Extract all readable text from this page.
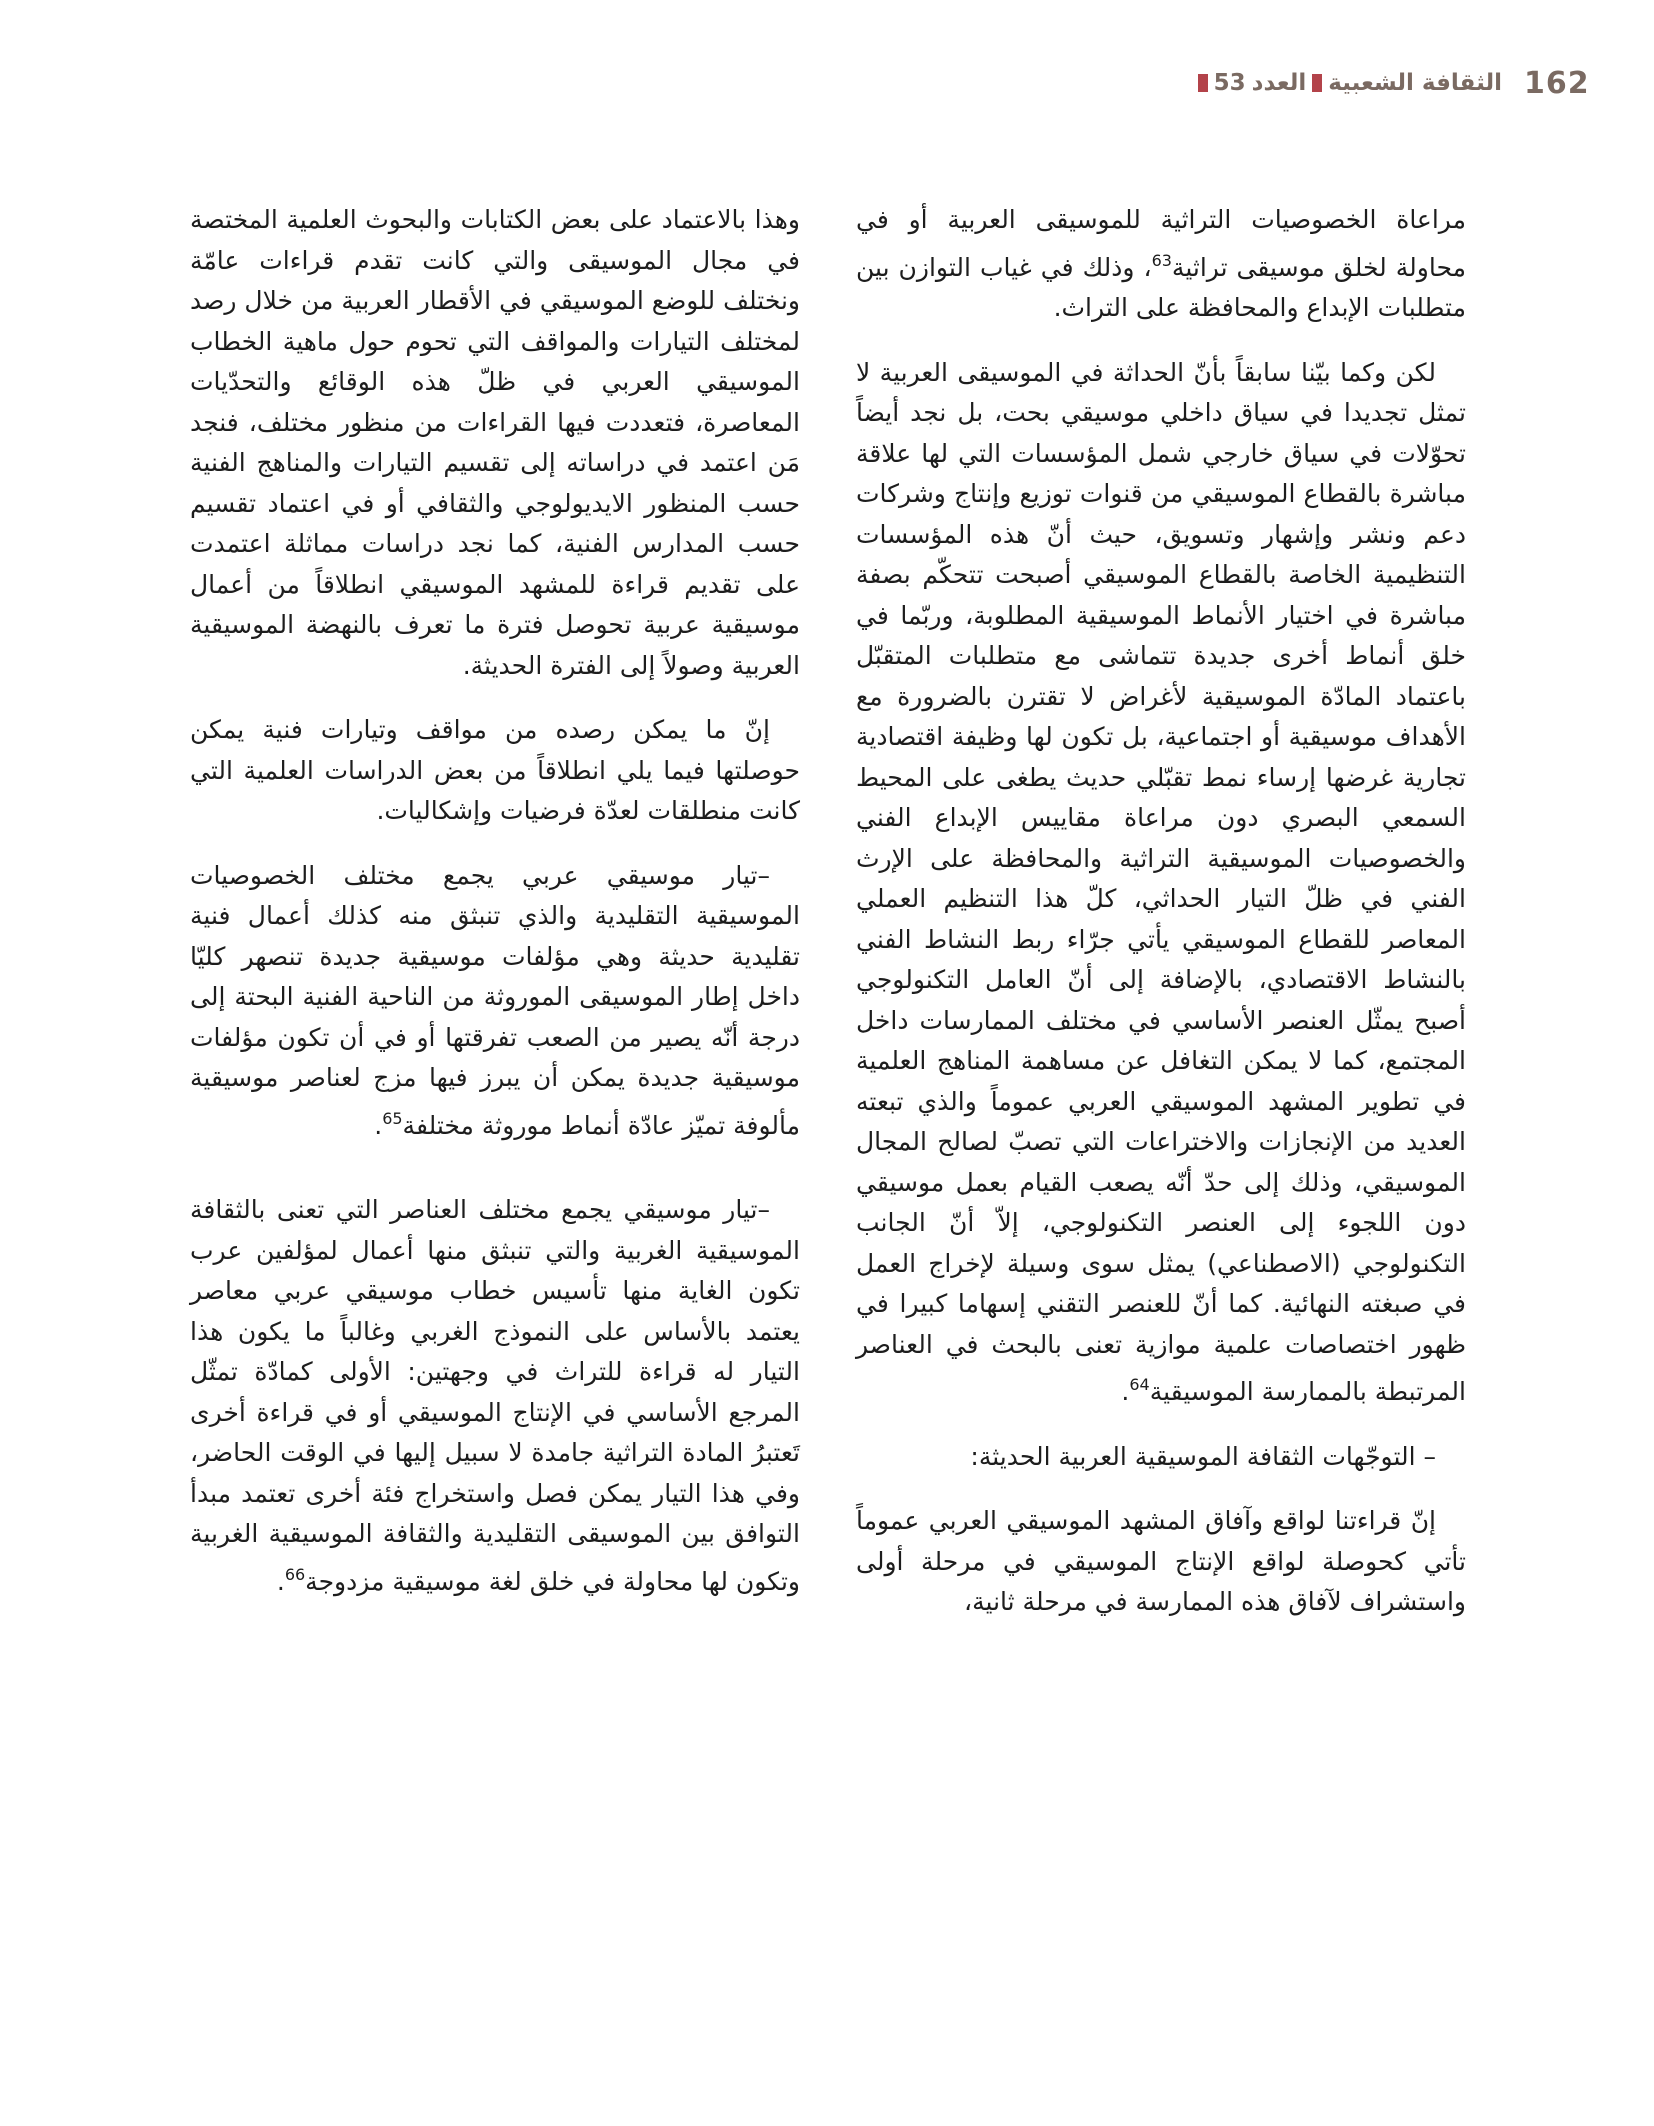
162
الثقافة الشعبيةالعدد53

مراعاة الخصوصيات التراثية للموسيقى العربية أو في محاولة لخلق موسيقى تراثية$^{63}$، وذلك في غياب التوازن بين متطلبات الإبداع والمحافظة على التراث.

لكن وكما بيّنا سابقاً بأنّ الحداثة في الموسيقى العربية لا تمثل تجديدا في سياق داخلي موسيقي بحت، بل نجد أيضاً تحوّلات في سياق خارجي شمل المؤسسات التي لها علاقة مباشرة بالقطاع الموسيقي من قنوات توزيع وإنتاج وشركات دعم ونشر وإشهار وتسويق، حيث أنّ هذه المؤسسات التنظيمية الخاصة بالقطاع الموسيقي أصبحت تتحكّم بصفة مباشرة في اختيار الأنماط الموسيقية المطلوبة، وربّما في خلق أنماط أخرى جديدة تتماشى مع متطلبات المتقبّل باعتماد المادّة الموسيقية لأغراض لا تقترن بالضرورة مع الأهداف موسيقية أو اجتماعية، بل تكون لها وظيفة اقتصادية تجارية غرضها إرساء نمط تقبّلي حديث يطغى على المحيط السمعي البصري دون مراعاة مقاييس الإبداع الفني والخصوصيات الموسيقية التراثية والمحافظة على الإرث الفني في ظلّ التيار الحداثي، كلّ هذا التنظيم العملي المعاصر للقطاع الموسيقي يأتي جرّاء ربط النشاط الفني بالنشاط الاقتصادي، بالإضافة إلى أنّ العامل التكنولوجي أصبح يمثّل العنصر الأساسي في مختلف الممارسات داخل المجتمع، كما لا يمكن التغافل عن مساهمة المناهج العلمية في تطوير المشهد الموسيقي العربي عموماً والذي تبعته العديد من الإنجازات والاختراعات التي تصبّ لصالح المجال الموسيقي، وذلك إلى حدّ أنّه يصعب القيام بعمل موسيقي دون اللجوء إلى العنصر التكنولوجي، إلاّ أنّ الجانب التكنولوجي (الاصطناعي) يمثل سوى وسيلة لإخراج العمل في صبغته النهائية. كما أنّ للعنصر التقني إسهاما كبيرا في ظهور اختصاصات علمية موازية تعنى بالبحث في العناصر المرتبطة بالممارسة الموسيقية$^{64}$.

– التوجّهات الثقافة الموسيقية العربية الحديثة:

إنّ قراءتنا لواقع وآفاق المشهد الموسيقي العربي عموماً تأتي كحوصلة لواقع الإنتاج الموسيقي في مرحلة أولى واستشراف لآفاق هذه الممارسة في مرحلة ثانية،

وهذا بالاعتماد على بعض الكتابات والبحوث العلمية المختصة في مجال الموسيقى والتي كانت تقدم قراءات عامّة ونختلف للوضع الموسيقي في الأقطار العربية من خلال رصد لمختلف التيارات والمواقف التي تحوم حول ماهية الخطاب الموسيقي العربي في ظلّ هذه الوقائع والتحدّيات المعاصرة، فتعددت فيها القراءات من منظور مختلف، فنجد مَن اعتمد في دراساته إلى تقسيم التيارات والمناهج الفنية حسب المنظور الايديولوجي والثقافي أو في اعتماد تقسيم حسب المدارس الفنية، كما نجد دراسات مماثلة اعتمدت على تقديم قراءة للمشهد الموسيقي انطلاقاً من أعمال موسيقية عربية تحوصل فترة ما تعرف بالنهضة الموسيقية العربية وصولاً إلى الفترة الحديثة.

إنّ ما يمكن رصده من مواقف وتيارات فنية يمكن حوصلتها فيما يلي انطلاقاً من بعض الدراسات العلمية التي كانت منطلقات لعدّة فرضيات وإشكاليات.

–تيار موسيقي عربي يجمع مختلف الخصوصيات الموسيقية التقليدية والذي تنبثق منه كذلك أعمال فنية تقليدية حديثة وهي مؤلفات موسيقية جديدة تنصهر كليّا داخل إطار الموسيقى الموروثة من الناحية الفنية البحتة إلى درجة أنّه يصير من الصعب تفرقتها أو في أن تكون مؤلفات موسيقية جديدة يمكن أن يبرز فيها مزج لعناصر موسيقية مألوفة تميّز عادّة أنماط موروثة مختلفة$^{65}$.

–تيار موسيقي يجمع مختلف العناصر التي تعنى بالثقافة الموسيقية الغربية والتي تنبثق منها أعمال لمؤلفين عرب تكون الغاية منها تأسيس خطاب موسيقي عربي معاصر يعتمد بالأساس على النموذج الغربي وغالباً ما يكون هذا التيار له قراءة للتراث في وجهتين: الأولى كمادّة تمثّل المرجع الأساسي في الإنتاج الموسيقي أو في قراءة أخرى تَعتبرُ المادة التراثية جامدة لا سبيل إليها في الوقت الحاضر، وفي هذا التيار يمكن فصل واستخراج فئة أخرى تعتمد مبدأ التوافق بين الموسيقى التقليدية والثقافة الموسيقية الغربية وتكون لها محاولة في خلق لغة موسيقية مزدوجة$^{66}$.
